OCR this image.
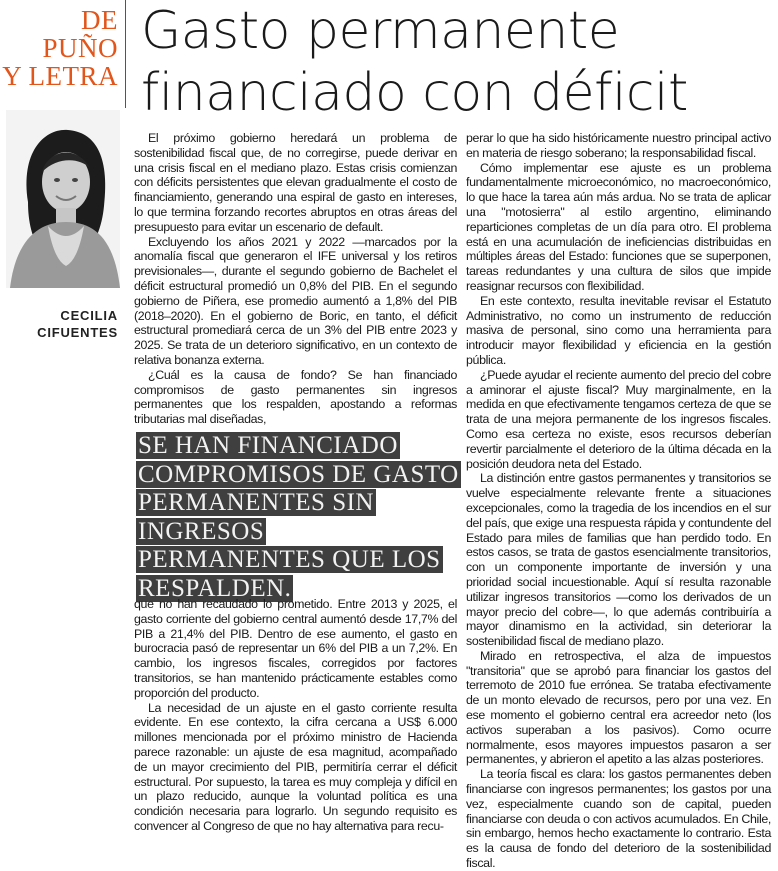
DE
PUÑO
Y LETRA
Gasto permanente
financiado con déficit
CECILIA
CIFUENTES

El próximo gobierno heredará un problema de sostenibilidad fiscal que, de no corregirse, puede derivar en una crisis fiscal en el mediano plazo. Estas crisis comienzan con déficits persistentes que elevan gradualmente el costo de financiamiento, generando una espiral de gasto en intereses, lo que termina forzando recortes abruptos en otras áreas del presupuesto para evitar un escenario de default.

Excluyendo los años 2021 y 2022 —marcados por la anomalía fiscal que generaron el IFE universal y los retiros previsionales—, durante el segundo gobierno de Bachelet el déficit estructural promedió un 0,8% del PIB. En el segundo gobierno de Piñera, ese promedio aumentó a 1,8% del PIB (2018–2020). En el gobierno de Boric, en tanto, el déficit estructural promediará cerca de un 3% del PIB entre 2023 y 2025. Se trata de un deterioro significativo, en un contexto de relativa bonanza externa.

¿Cuál es la causa de fondo? Se han financiado compromisos de gasto permanentes sin ingresos permanentes que los respalden, apostando a reformas tributarias mal diseñadas,

SE HAN FINANCIADO
COMPROMISOS DE GASTO
PERMANENTES SIN INGRESOS
PERMANENTES QUE LOS
RESPALDEN.

que no han recaudado lo prometido. Entre 2013 y 2025, el gasto corriente del gobierno central aumentó desde 17,7% del PIB a 21,4% del PIB. Dentro de ese aumento, el gasto en burocracia pasó de representar un 6% del PIB a un 7,2%. En cambio, los ingresos fiscales, corregidos por factores transitorios, se han mantenido prácticamente estables como proporción del producto.

La necesidad de un ajuste en el gasto corriente resulta evidente. En ese contexto, la cifra cercana a US$ 6.000 millones mencionada por el próximo ministro de Hacienda parece razonable: un ajuste de esa magnitud, acompañado de un mayor crecimiento del PIB, permitiría cerrar el déficit estructural. Por supuesto, la tarea es muy compleja y difícil en un plazo reducido, aunque la voluntad política es una condición necesaria para lograrlo. Un segundo requisito es convencer al Congreso de que no hay alternativa para recu-

perar lo que ha sido históricamente nuestro principal activo en materia de riesgo soberano; la responsabilidad fiscal.

Cómo implementar ese ajuste es un problema fundamentalmente microeconómico, no macroeconómico, lo que hace la tarea aún más ardua. No se trata de aplicar una "motosierra" al estilo argentino, eliminando reparticiones completas de un día para otro. El problema está en una acumulación de ineficiencias distribuidas en múltiples áreas del Estado: funciones que se superponen, tareas redundantes y una cultura de silos que impide reasignar recursos con flexibilidad.

En este contexto, resulta inevitable revisar el Estatuto Administrativo, no como un instrumento de reducción masiva de personal, sino como una herramienta para introducir mayor flexibilidad y eficiencia en la gestión pública.

¿Puede ayudar el reciente aumento del precio del cobre a aminorar el ajuste fiscal? Muy marginalmente, en la medida en que efectivamente tengamos certeza de que se trata de una mejora permanente de los ingresos fiscales. Como esa certeza no existe, esos recursos deberían revertir parcialmente el deterioro de la última década en la posición deudora neta del Estado.

La distinción entre gastos permanentes y transitorios se vuelve especialmente relevante frente a situaciones excepcionales, como la tragedia de los incendios en el sur del país, que exige una respuesta rápida y contundente del Estado para miles de familias que han perdido todo. En estos casos, se trata de gastos esencialmente transitorios, con un componente importante de inversión y una prioridad social incuestionable. Aquí sí resulta razonable utilizar ingresos transitorios —como los derivados de un mayor precio del cobre—, lo que además contribuiría a mayor dinamismo en la actividad, sin deteriorar la sostenibilidad fiscal de mediano plazo.

Mirado en retrospectiva, el alza de impuestos "transitoria" que se aprobó para financiar los gastos del terremoto de 2010 fue errónea. Se trataba efectivamente de un monto elevado de recursos, pero por una vez. En ese momento el gobierno central era acreedor neto (los activos superaban a los pasivos). Como ocurre normalmente, esos mayores impuestos pasaron a ser permanentes, y abrieron el apetito a las alzas posteriores.

La teoría fiscal es clara: los gastos permanentes deben financiarse con ingresos permanentes; los gastos por una vez, especialmente cuando son de capital, pueden financiarse con deuda o con activos acumulados. En Chile, sin embargo, hemos hecho exactamente lo contrario. Esta es la causa de fondo del deterioro de la sostenibilidad fiscal.
